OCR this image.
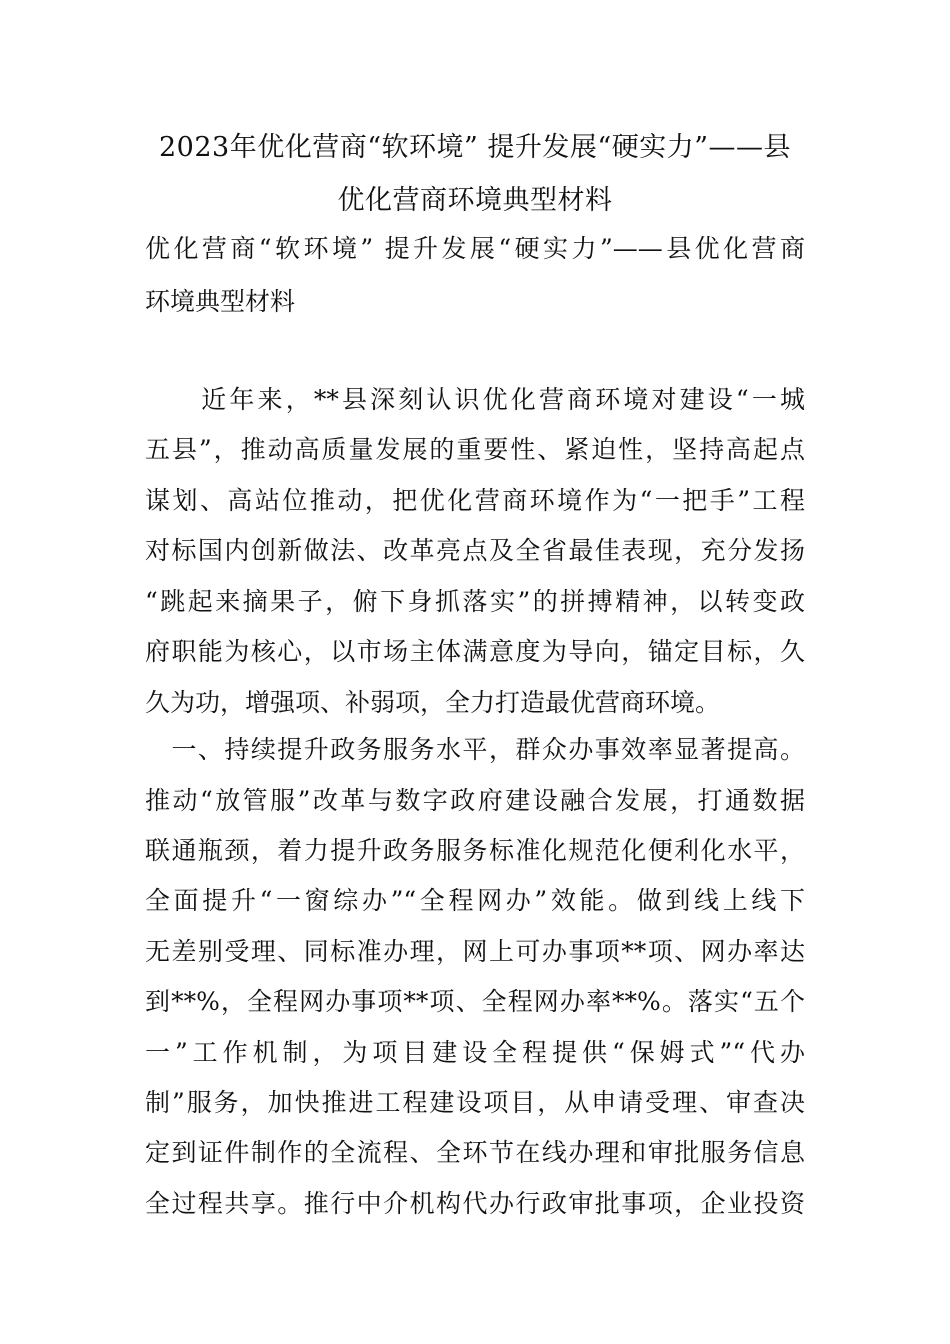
2023年优化营商“软环境” 提升发展“硬实力”——县
优化营商环境典型材料
优化营商“软环境” 提升发展“硬实力”——县优化营商
环境典型材料
　　近年来，**县深刻认识优化营商环境对建设“一城
五县”，推动高质量发展的重要性、紧迫性，坚持高起点
谋划、高站位推动，把优化营商环境作为“一把手”工程
对标国内创新做法、改革亮点及全省最佳表现，充分发扬
“跳起来摘果子，俯下身抓落实”的拼搏精神，以转变政
府职能为核心，以市场主体满意度为导向，锚定目标，久
久为功，增强项、补弱项，全力打造最优营商环境。
　一、持续提升政务服务水平，群众办事效率显著提高。
推动“放管服”改革与数字政府建设融合发展，打通数据
联通瓶颈，着力提升政务服务标准化规范化便利化水平，
全面提升“一窗综办”“全程网办”效能。做到线上线下
无差别受理、同标准办理，网上可办事项**项、网办率达
到**%，全程网办事项**项、全程网办率**%。落实“五个
一”工作机制，为项目建设全程提供“保姆式”“代办
制”服务，加快推进工程建设项目，从申请受理、审查决
定到证件制作的全流程、全环节在线办理和审批服务信息
全过程共享。推行中介机构代办行政审批事项，企业投资
